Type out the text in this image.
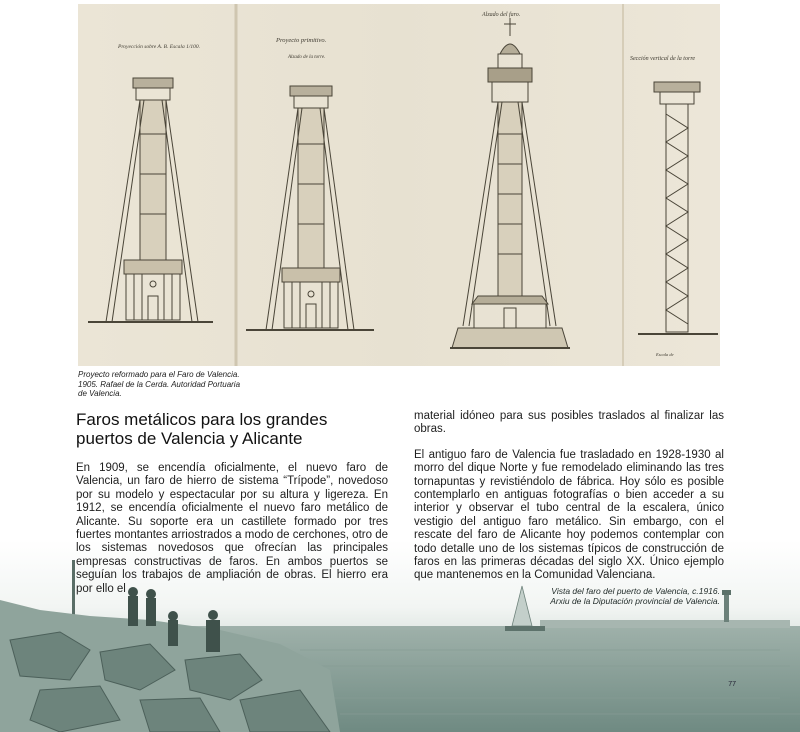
Proyección sobre A. B. Escala 1/100.
Proyecto primitivo.
Alzado de la torre.
Alzado del faro.
Sección vertical de la torre
Escala de
Proyecto reformado para el Faro de Valencia.
1905. Rafael de la Cerda. Autoridad Portuaria
de Valencia.
Faros metálicos para los grandes
puertos de Valencia y Alicante

En 1909, se encendía oficialmente, el nuevo faro de Valencia, un faro de hierro de sistema “Trípode”, novedoso por su modelo y espectacular por su altura y ligereza. En 1912, se encendía oficialmente el nuevo faro metálico de Alicante. Su soporte era un castillete formado por tres fuertes montantes arriostrados a modo de cerchones, otro de los sistemas novedosos que ofrecían las principales empresas constructivas de faros. En ambos puertos se seguían los trabajos de ampliación de obras. El hierro era por ello el

material idóneo para sus posibles traslados al finalizar las obras.

El antiguo faro de Valencia fue trasladado en 1928-1930 al morro del dique Norte y fue remodelado eliminando las tres tornapuntas y revistiéndolo de fábrica. Hoy sólo es posible contemplarlo en antiguas fotografías o bien acceder a su interior y observar el tubo central de la escalera, único vestigio del antiguo faro metálico. Sin embargo, con el rescate del faro de Alicante hoy podemos contemplar con todo detalle uno de los sistemas típicos de construcción de faros en las primeras décadas del siglo XX. Único ejemplo que mantenemos en la Comunidad Valenciana.

Vista del faro del puerto de Valencia, c.1916.
Arxiu de la Diputación provincial de Valencia.
77
